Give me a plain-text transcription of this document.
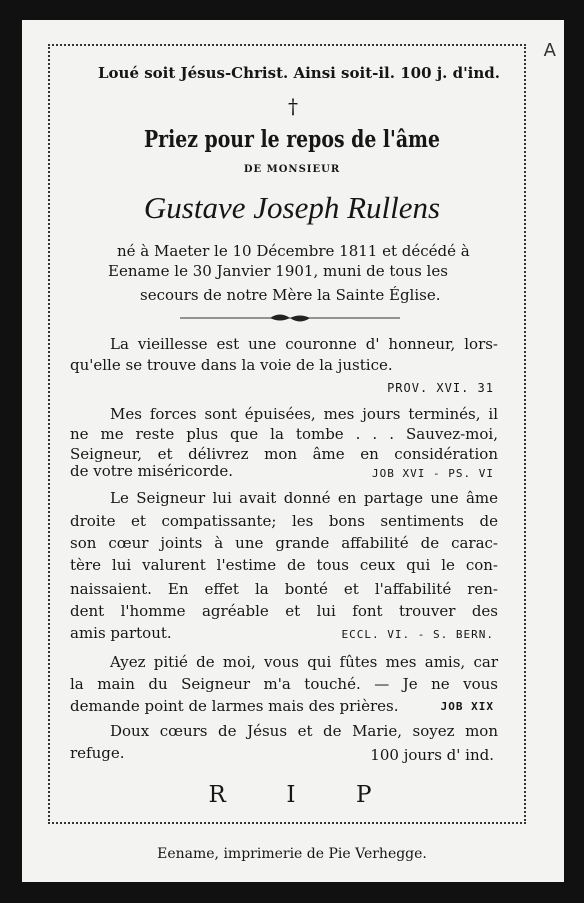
A
Loué soit Jésus-Christ. Ainsi soit-il. 100 j. d'ind.
†
Priez pour le repos de l'âme
DE MONSIEUR
Gustave Joseph Rullens
né à Maeter le 10 Décembre 1811 et décédé à
Eename le 30 Janvier 1901, muni de tous les
secours de notre Mère la Sainte Église.
La vieillesse est une couronne d' honneur, lors-
qu'elle se trouve dans la voie de la justice.
PROV. XVI. 31
Mes forces sont épuisées, mes jours terminés, il
ne me reste plus que la tombe . . . Sauvez-moi,
Seigneur, et délivrez mon âme en considération
de votre miséricorde.	JOB XVI - PS. VI
Le Seigneur lui avait donné en partage une âme
droite et compatissante; les bons sentiments de
son cœur joints à une grande affabilité de carac-
tère lui valurent l'estime de tous ceux qui le con-
naissaient. En effet la bonté et l'affabilité ren-
dent l'homme agréable et lui font trouver des
amis partout.	ECCL. VI. - S. BERN.
Ayez pitié de moi, vous qui fûtes mes amis, car
la main du Seigneur m'a touché. — Je ne vous
demande point de larmes mais des prières.	JOB XIX
Doux cœurs de Jésus et de Marie, soyez mon
refuge.	100 jours d' ind.
R     I     P
Eename, imprimerie de Pie Verhegge.
